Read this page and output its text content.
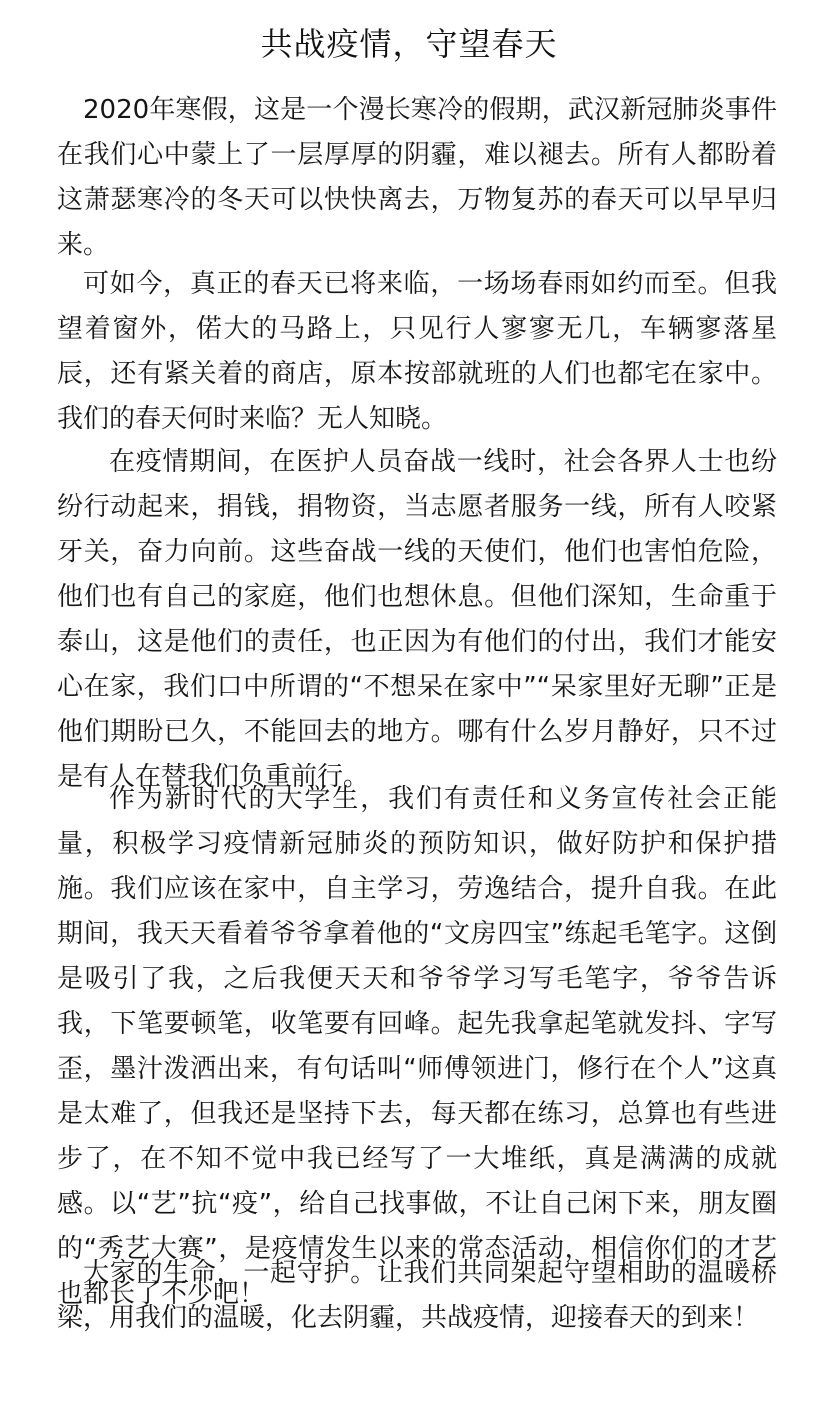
共战疫情，守望春天

2020年寒假，这是一个漫长寒冷的假期，武汉新冠肺炎事件在我们心中蒙上了一层厚厚的阴霾，难以褪去。所有人都盼着这萧瑟寒冷的冬天可以快快离去，万物复苏的春天可以早早归来。

可如今，真正的春天已将来临，一场场春雨如约而至。但我望着窗外，偌大的马路上，只见行人寥寥无几，车辆寥落星辰，还有紧关着的商店，原本按部就班的人们也都宅在家中。我们的春天何时来临？无人知晓。

在疫情期间，在医护人员奋战一线时，社会各界人士也纷纷行动起来，捐钱，捐物资，当志愿者服务一线，所有人咬紧牙关，奋力向前。这些奋战一线的天使们，他们也害怕危险，他们也有自己的家庭，他们也想休息。但他们深知，生命重于泰山，这是他们的责任，也正因为有他们的付出，我们才能安心在家，我们口中所谓的“不想呆在家中”“呆家里好无聊”正是他们期盼已久，不能回去的地方。哪有什么岁月静好，只不过是有人在替我们负重前行。

作为新时代的大学生，我们有责任和义务宣传社会正能量，积极学习疫情新冠肺炎的预防知识，做好防护和保护措施。我们应该在家中，自主学习，劳逸结合，提升自我。在此期间，我天天看着爷爷拿着他的“文房四宝”练起毛笔字。这倒是吸引了我，之后我便天天和爷爷学习写毛笔字，爷爷告诉我，下笔要顿笔，收笔要有回峰。起先我拿起笔就发抖、字写歪，墨汁泼洒出来，有句话叫“师傅领进门，修行在个人”这真是太难了，但我还是坚持下去，每天都在练习，总算也有些进步了，在不知不觉中我已经写了一大堆纸，真是满满的成就感。以“艺”抗“疫”，给自己找事做，不让自己闲下来，朋友圈的“秀艺大赛”，是疫情发生以来的常态活动，相信你们的才艺也都长了不少吧！

大家的生命，一起守护。让我们共同架起守望相助的温暖桥梁，用我们的温暖，化去阴霾，共战疫情，迎接春天的到来！
